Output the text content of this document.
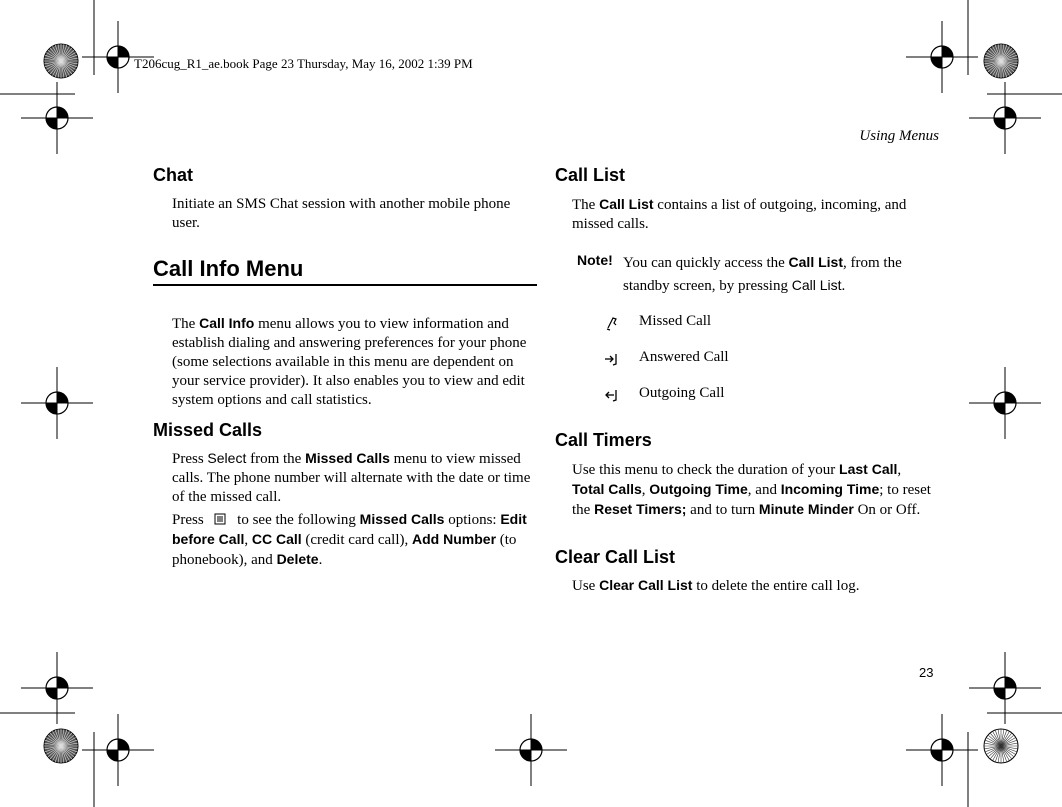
T206cug_R1_ae.book Page 23 Thursday, May 16, 2002 1:39 PM
Using Menus
Chat

Initiate an SMS Chat session with another mobile phone user.

Call Info Menu

The Call Info menu allows you to view information and establish dialing and answering preferences for your phone (some selections available in this menu are dependent on your service provider). It also enables you to view and edit system options and call statistics.

Missed Calls

Press Select from the Missed Calls menu to view missed calls. The phone number will alternate with the date or time of the missed call.

Press to see the following Missed Calls options: Edit before Call, CC Call (credit card call), Add Number (to phonebook), and Delete.

Call List

The Call List contains a list of outgoing, incoming, and missed calls.

Note! You can quickly access the Call List, from the standby screen, by pressing Call List.

Missed Call
Answered Call
Outgoing Call
Call Timers

Use this menu to check the duration of your Last Call, Total Calls, Outgoing Time, and Incoming Time; to reset the Reset Timers; and to turn Minute Minder On or Off.

Clear Call List

Use Clear Call List to delete the entire call log.

23
